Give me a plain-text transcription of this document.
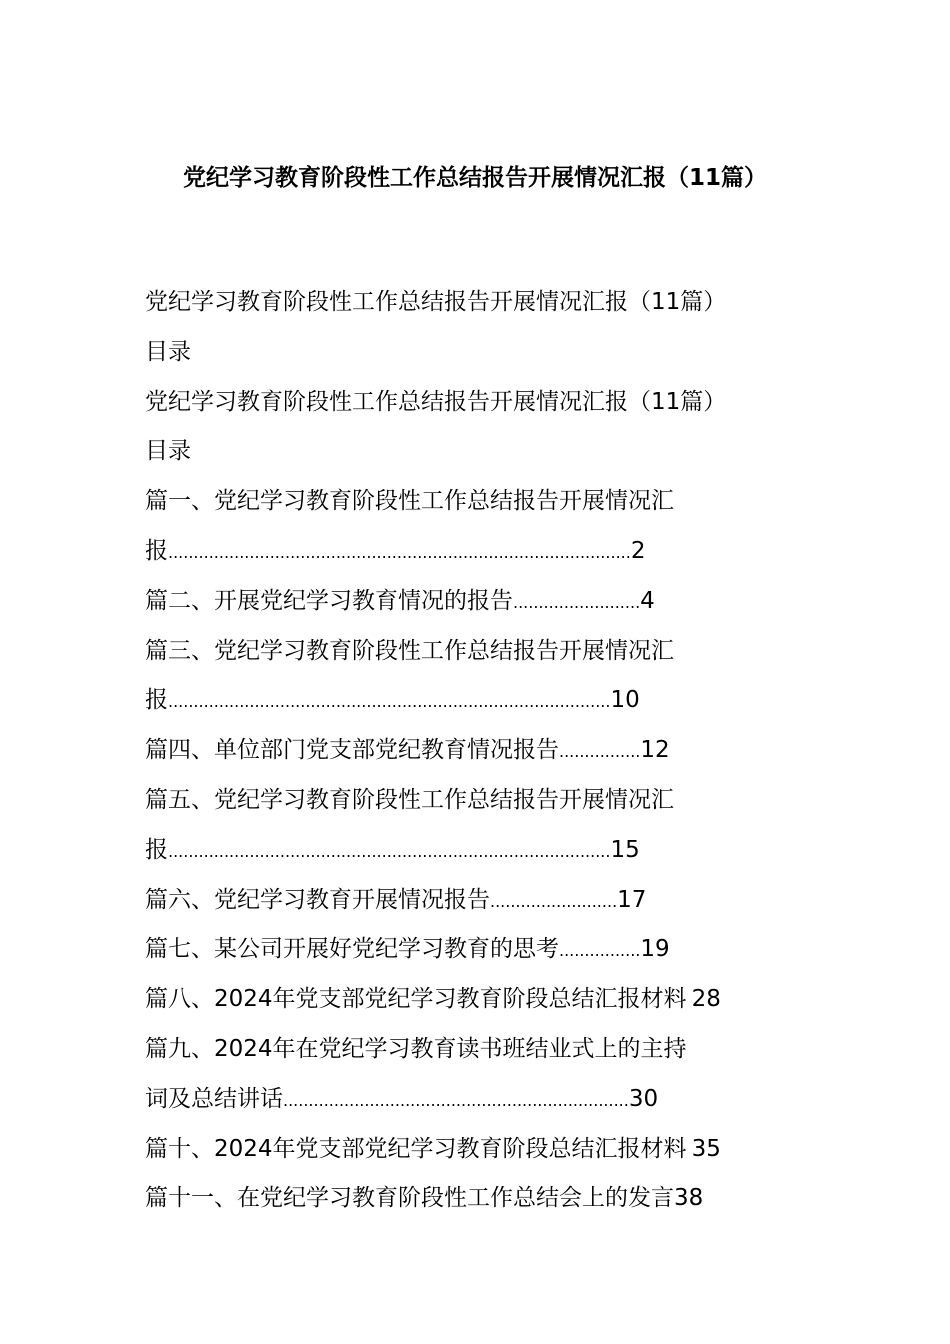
党纪学习教育阶段性工作总结报告开展情况汇报（11篇）
党纪学习教育阶段性工作总结报告开展情况汇报（11篇）
目录
党纪学习教育阶段性工作总结报告开展情况汇报（11篇）
目录
篇一、党纪学习教育阶段性工作总结报告开展情况汇
报 ........................................................................................... 2
篇二、开展党纪学习教育情况的报告 ......................... 4
篇三、党纪学习教育阶段性工作总结报告开展情况汇
报 ....................................................................................... 10
篇四、单位部门党支部党纪教育情况报告 ................ 12
篇五、党纪学习教育阶段性工作总结报告开展情况汇
报 ....................................................................................... 15
篇六、党纪学习教育开展情况报告 ......................... 17
篇七、某公司开展好党纪学习教育的思考 ................ 19
篇八、2024年党支部党纪学习教育阶段总结汇报材料
28
篇九、2024年在党纪学习教育读书班结业式上的主持
词及总结讲话 .................................................................... 30
篇十、2024年党支部党纪学习教育阶段总结汇报材料
35
篇十一、在党纪学习教育阶段性工作总结会上的发言 38
